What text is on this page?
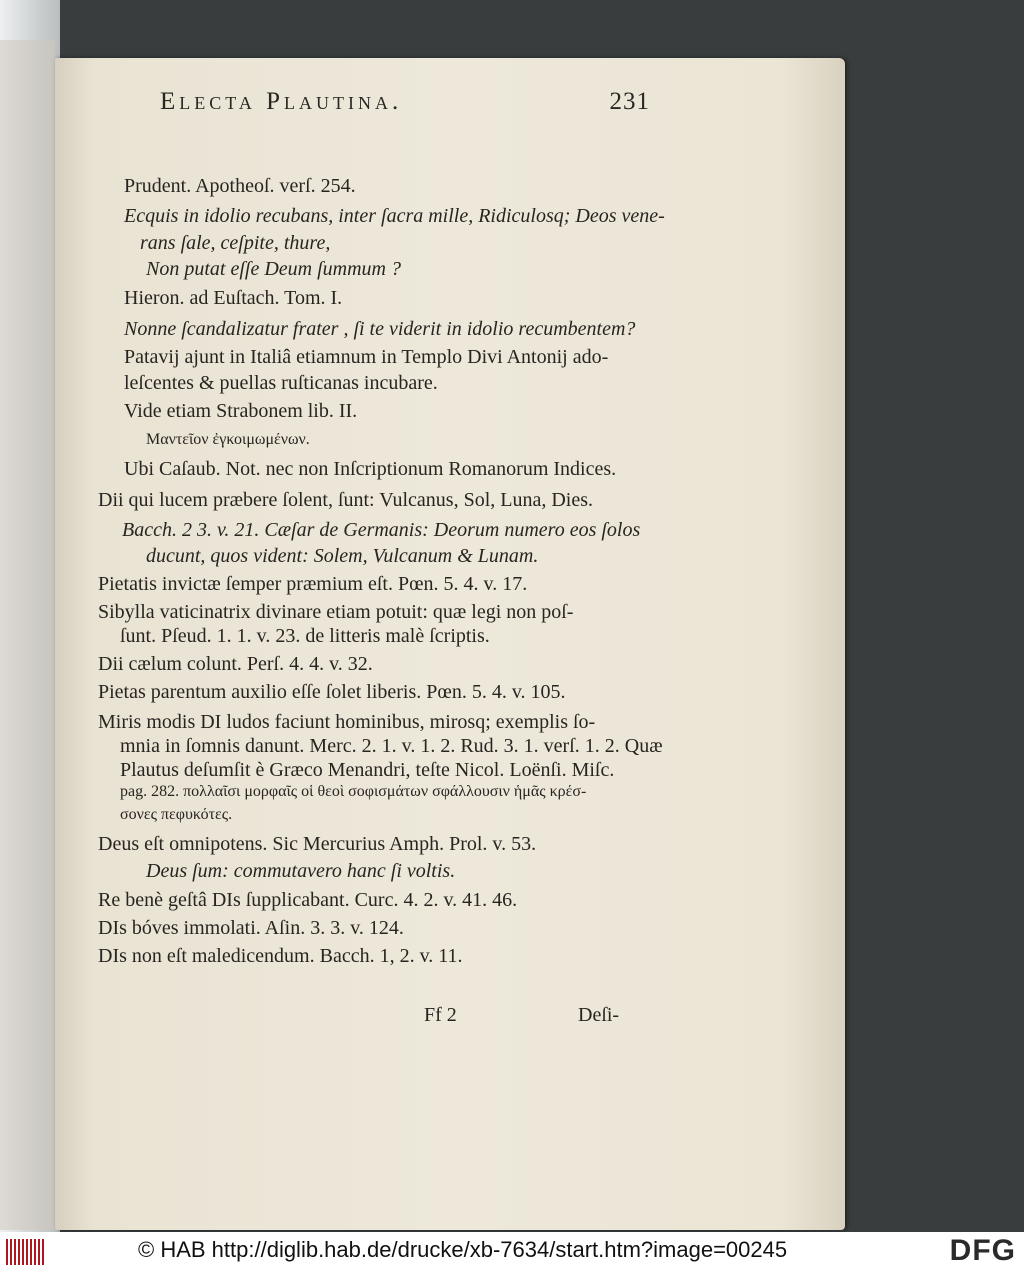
Electa Plautina.	231
Prudent. Apotheoſ. verſ. 254.
Ecquis in idolio recubans, inter ſacra mille, Ridiculosq; Deos vene-
rans ſale, ceſpite, thure,
Non putat eſſe Deum ſummum ?
Hieron. ad Euſtach. Tom. I.
Nonne ſcandalizatur frater , ſi te viderit in idolio recumbentem?
Patavij ajunt in Italiâ etiamnum in Templo Divi Antonij ado-
leſcentes & puellas ruſticanas incubare.
Vide etiam Strabonem lib. II.
Μαντεῖον ἐγκοιμωμένων.
Ubi Caſaub. Not. nec non Inſcriptionum Romanorum Indices.
Dii qui lucem præbere ſolent, ſunt: Vulcanus, Sol, Luna, Dies.
Bacch. 2 3. v. 21. Cæſar de Germanis: Deorum numero eos ſolos
ducunt, quos vident: Solem, Vulcanum & Lunam.
Pietatis invictæ ſemper præmium eſt. Pœn. 5. 4. v. 17.
Sibylla vaticinatrix divinare etiam potuit: quæ legi non poſ-
ſunt. Pſeud. 1. 1. v. 23. de litteris malè ſcriptis.
Dii cælum colunt. Perſ. 4. 4. v. 32.
Pietas parentum auxilio eſſe ſolet liberis. Pœn. 5. 4. v. 105.
Miris modis DI ludos faciunt hominibus, mirosq; exemplis ſo-
mnia in ſomnis danunt. Merc. 2. 1. v. 1. 2. Rud. 3. 1. verſ. 1. 2. Quæ
Plautus deſumſit è Græco Menandri, teſte Nicol. Loënſi. Miſc.
pag. 282. πολλαῖσι μορφαῖς οἱ θεοὶ σοφισμάτων σφάλλουσιν ἡμᾶς κρέσ-
σονες πεφυκότες.
Deus eſt omnipotens. Sic Mercurius Amph. Prol. v. 53.
Deus ſum: commutavero hanc ſi voltis.
Re benè geſtâ DIs ſupplicabant. Curc. 4. 2. v. 41. 46.
DIs bóves immolati. Aſin. 3. 3. v. 124.
DIs non eſt maledicendum. Bacch. 1, 2. v. 11.
Ff 2	Deſi-
© HAB http://diglib.hab.de/drucke/xb-7634/start.htm?image=00245	DFG
